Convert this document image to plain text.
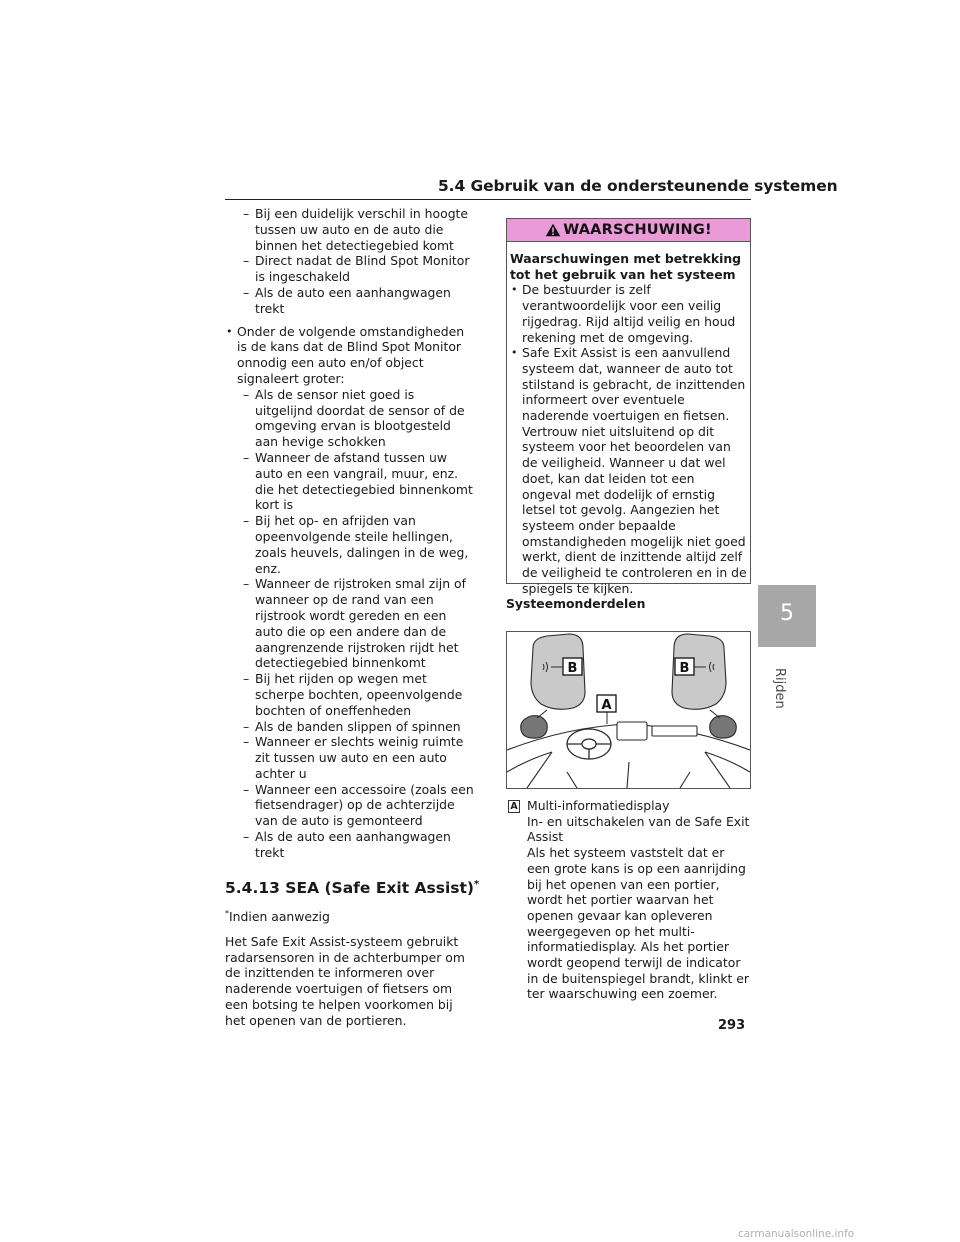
5.4 Gebruik van de ondersteunende systemen
5
Rijden
– Bij een duidelijk verschil in hoogte tussen uw auto en de auto die binnen het detectiegebied komt
– Direct nadat de Blind Spot Monitor is ingeschakeld
– Als de auto een aanhangwagen trekt
• Onder de volgende omstandigheden is de kans dat de Blind Spot Monitor onnodig een auto en/of object signaleert groter:
– Als de sensor niet goed is uitgelijnd doordat de sensor of de omgeving ervan is blootgesteld aan hevige schokken
– Wanneer de afstand tussen uw auto en een vangrail, muur, enz. die het detectiegebied binnenkomt kort is
– Bij het op- en afrijden van opeenvolgende steile hellingen, zoals heuvels, dalingen in de weg, enz.
– Wanneer de rijstroken smal zijn of wanneer op de rand van een rijstrook wordt gereden en een auto die op een andere dan de aangrenzende rijstroken rijdt het detectiegebied binnenkomt
– Bij het rijden op wegen met scherpe bochten, opeenvolgende bochten of oneffenheden
– Als de banden slippen of spinnen
– Wanneer er slechts weinig ruimte zit tussen uw auto en een auto achter u
– Wanneer een accessoire (zoals een fietsendrager) op de achterzijde van de auto is gemonteerd
– Als de auto een aanhangwagen trekt
5.4.13 SEA (Safe Exit Assist)*
*Indien aanwezig
Het Safe Exit Assist-systeem gebruikt radarsensoren in de achterbumper om de inzittenden te informeren over naderende voertuigen of fietsers om een botsing te helpen voorkomen bij het openen van de portieren.
WAARSCHUWING!
Waarschuwingen met betrekking tot het gebruik van het systeem
• De bestuurder is zelf verantwoordelijk voor een veilig rijgedrag. Rijd altijd veilig en houd rekening met de omgeving.
• Safe Exit Assist is een aanvullend systeem dat, wanneer de auto tot stilstand is gebracht, de inzittenden informeert over eventuele
naderende voertuigen en fietsen. Vertrouw niet uitsluitend op dit systeem voor het beoordelen van de veiligheid. Wanneer u dat wel doet, kan dat leiden tot een ongeval met dodelijk of ernstig letsel tot gevolg. Aangezien het systeem onder bepaalde omstandigheden mogelijk niet goed werkt, dient de inzittende altijd zelf de veiligheid te controleren en in de spiegels te kijken.
Systeemonderdelen
B	B
A
A Multi-informatiedisplay
In- en uitschakelen van de Safe Exit Assist
Als het systeem vaststelt dat er een grote kans is op een aanrijding bij het openen van een portier, wordt het portier waarvan het openen gevaar kan opleveren weergegeven op het multi-informatiedisplay. Als het portier wordt geopend terwijl de indicator in de buitenspiegel brandt, klinkt er ter waarschuwing een zoemer.
293
carmanualsonline.info
